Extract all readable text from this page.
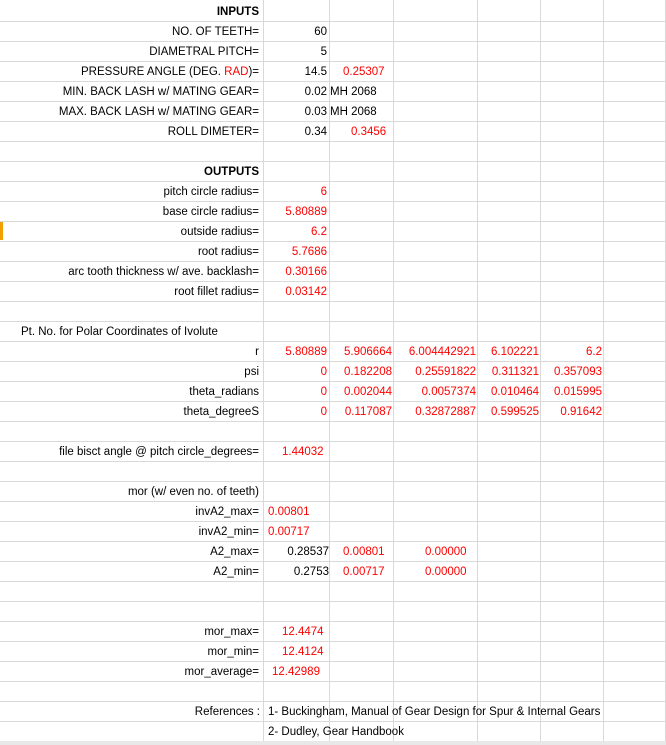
INPUTS
NO. OF TEETH=	60
DIAMETRAL PITCH=	5
PRESSURE ANGLE (DEG. RAD)=	14.5 0.25307
MIN. BACK LASH w/ MATING GEAR=	0.02 MH 2068
MAX. BACK LASH w/ MATING GEAR=	0.03 MH 2068
ROLL DIMETER=	0.34 0.3456
OUTPUTS
pitch circle radius=	6
base circle radius= 5.80889
outside radius=	6.2
root radius=	5.7686
arc tooth thickness w/ ave. backlash= 0.30166
root fillet radius= 0.03142
Pt. No. for Polar Coordinates of Ivolute
r 5.80889 5.906664 6.004442921 6.102221	6.2
psi	0 0.182208 0.25591822 0.311321 0.357093
theta_radians	0 0.002044	0.0057374 0.010464 0.015995
theta_degreeS	0 0.117087 0.32872887 0.599525 0.91642
file bisct angle @ pitch circle_degrees= 1.44032
mor (w/ even no. of teeth)
invA2_max= 0.00801
invA2_min= 0.00717
A2_max= 0.28537 0.00801	0.00000
A2_min=	0.2753 0.00717	0.00000
mor_max= 12.4474
mor_min= 12.4124
mor_average= 12.42989
References : 1- Buckingham, Manual of Gear Design for Spur & Internal Gears
2- Dudley, Gear Handbook
